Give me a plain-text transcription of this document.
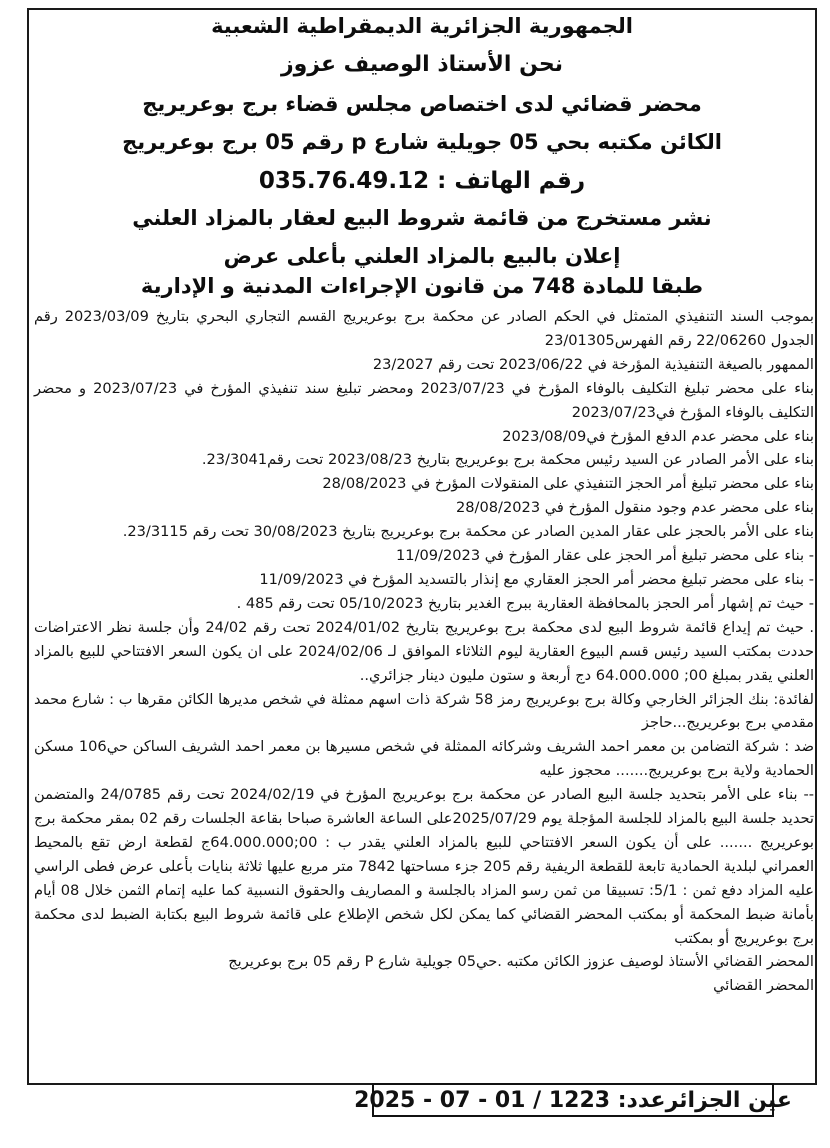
الجمهورية الجزائرية الديمقراطية الشعبية

نحن الأستاذ الوصيف عزوز

محضر قضائي لدى اختصاص مجلس قضاء برج بوعريريج

الكائن مكتبه بحي 05 جويلية شارع p رقم 05 برج بوعريريج

رقم الهاتف : 035.76.49.12

نشر مستخرج من قائمة شروط البيع لعقار بالمزاد العلني

إعلان بالبيع بالمزاد العلني بأعلى عرض

طبقا للمادة 748 من قانون الإجراءات المدنية و الإدارية

بموجب السند التنفيذي المتمثل في الحكم الصادر عن محكمة برج بوعريريج القسم التجاري البحري بتاريخ 2023/03/09 رقم الجدول 22/06260 رقم الفهرس23/01305

الممهور بالصيغة التنفيذية المؤرخة في 2023/06/22 تحت رقم 23/2027

بناء على محضر تبليغ التكليف بالوفاء المؤرخ في 2023/07/23 ومحضر تبليغ سند تنفيذي المؤرخ في 2023/07/23 و محضر التكليف بالوفاء المؤرخ في2023/07/23

بناء على محضر عدم الدفع المؤرخ في2023/08/09

بناء على الأمر الصادر عن السيد رئيس محكمة برج بوعريريج بتاريخ 2023/08/23 تحت رقم23/3041.

بناء على محضر تبليغ أمر الحجز التنفيذي على المنقولات المؤرخ في 28/08/2023

بناء على محضر عدم وجود منقول المؤرخ في 28/08/2023

بناء على الأمر بالحجز على عقار المدين الصادر عن محكمة برج بوعريريج بتاريخ 30/08/2023 تحت رقم 23/3115.

- بناء على محضر تبليغ أمر الحجز على عقار المؤرخ في 11/09/2023

- بناء على محضر تبليغ محضر أمر الحجز العقاري مع إنذار بالتسديد المؤرخ في 11/09/2023

- حيث تم إشهار أمر الحجز بالمحافظة العقارية ببرج الغدير بتاريخ 05/10/2023 تحت رقم 485 .

. حيث تم إيداع قائمة شروط البيع لدى محكمة برج بوعريريج بتاريخ 2024/01/02 تحت رقم 24/02 وأن جلسة نظر الاعتراضات حددت بمكتب السيد رئيس قسم البيوع العقارية ليوم الثلاثاء الموافق لـ 2024/02/06 على ان يكون السعر الافتتاحي للبيع بالمزاد العلني يقدر بمبلغ 00; 64.000.000 دج أربعة و ستون مليون دينار جزائري..

لفائدة: بنك الجزائر الخارجي وكالة برج بوعريريج رمز 58 شركة ذات اسهم ممثلة في شخص مديرها الكائن مقرها ب : شارع محمد مقدمي برج بوعريريج...حاجز

ضد : شركة التضامن بن معمر احمد الشريف وشركائه الممثلة في شخص مسيرها بن معمر احمد الشريف الساكن حي106 مسكن الحمادية ولاية برج بوعريريج....... محجوز عليه

-- بناء على الأمر بتحديد جلسة البيع الصادر عن محكمة برج بوعريريج المؤرخ في 2024/02/19 تحت رقم 24/0785 والمتضمن تحديد جلسة البيع بالمزاد للجلسة المؤجلة يوم 2025/07/29على الساعة العاشرة صباحا بقاعة الجلسات رقم 02 بمقر محكمة برج بوعريريج ....... على أن يكون السعر الافتتاحي للبيع بالمزاد العلني يقدر ب : 00;64.000.000ج لقطعة ارض تقع بالمحيط العمراني لبلدية الحمادية تابعة للقطعة الريفية رقم 205 جزء مساحتها 7842 متر مربع عليها ثلاثة بنايات بأعلى عرض فطى الراسي عليه المزاد دفع ثمن : 5/1: تسبيقا من ثمن رسو المزاد بالجلسة و المصاريف والحقوق النسبية كما عليه إتمام الثمن خلال 08 أيام بأمانة ضبط المحكمة أو بمكتب المحضر القضائي كما يمكن لكل شخص الإطلاع على قائمة شروط البيع بكتابة الضبط لدى محكمة برج بوعريريج أو بمكتب

المحضر القضائي الأستاذ لوصيف عزوز الكائن مكتبه .حي05 جويلية شارع P رقم 05 برج بوعريريج

المحضر القضائي

عين الجزائرعدد: 1223 / 01 - 07 - 2025
